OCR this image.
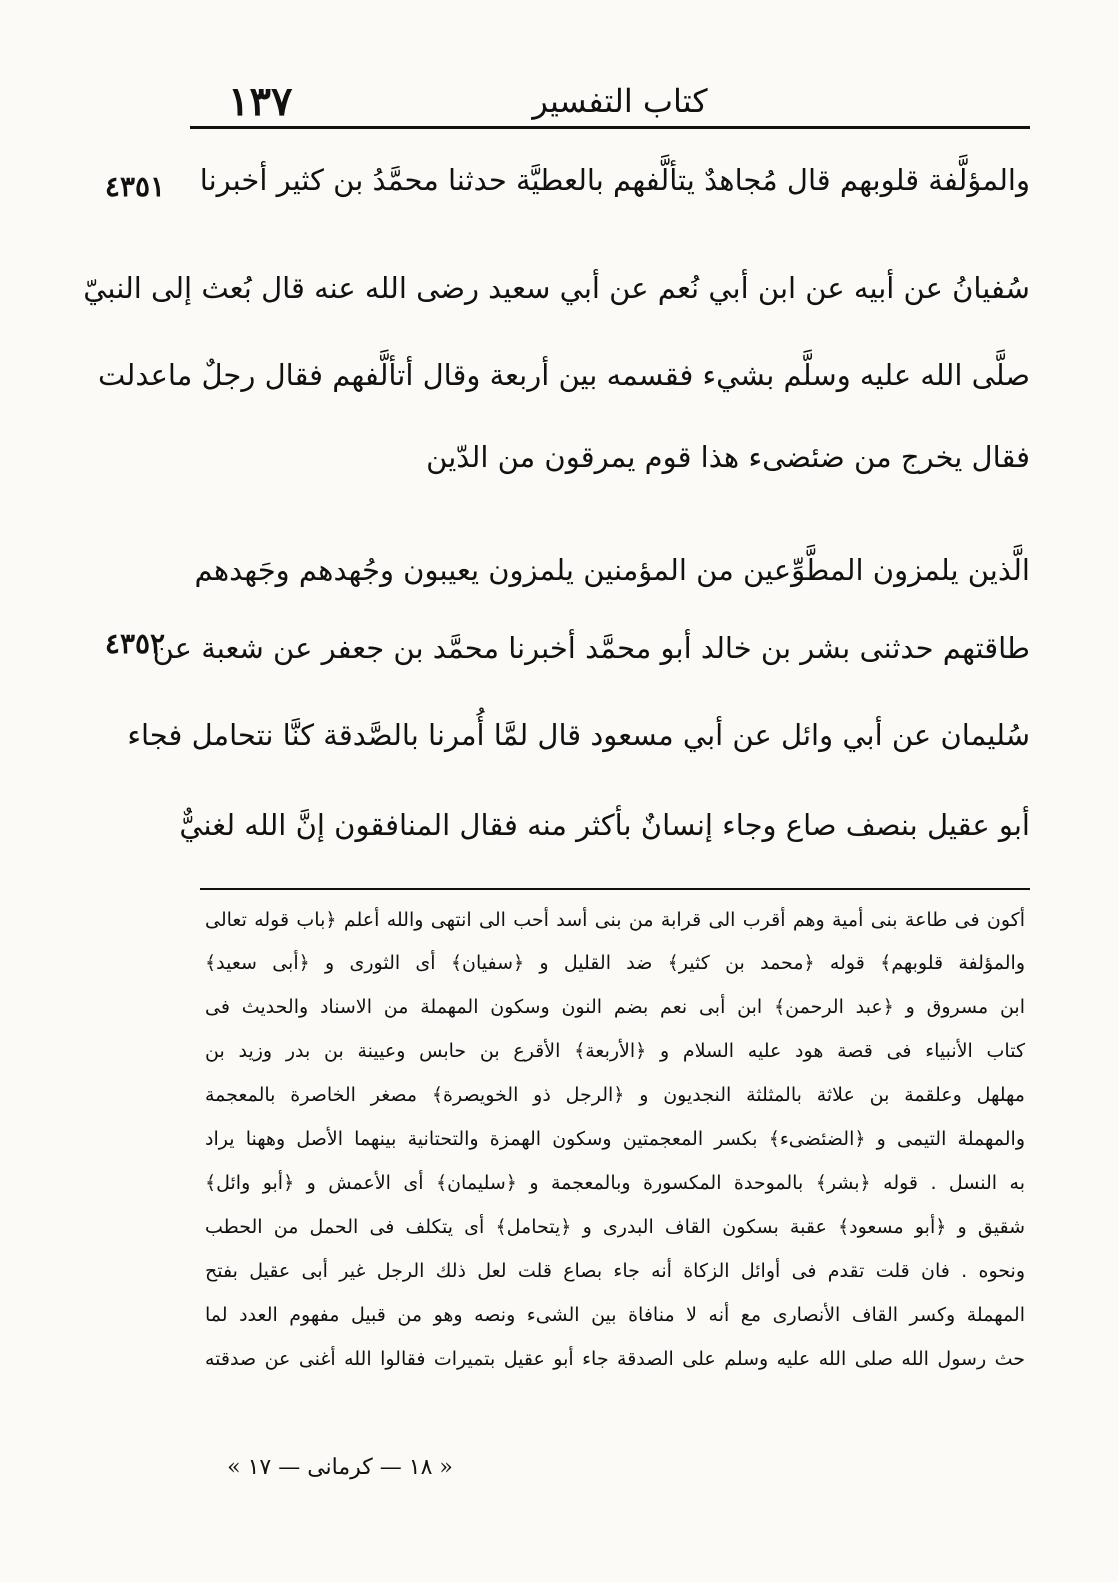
١٣٧	كتاب التفسير
٤٣٥١
٤٣٥٢
والمؤلَّفة قلوبهم قال مُجاهدٌ يتألَّفهم بالعطيَّة حدثنا محمَّدُ بن كثير أخبرنا
سُفيانُ عن أبيه عن ابن أبي نُعم عن أبي سعيد رضى الله عنه قال بُعث إلى النبيّ
صلَّى الله عليه وسلَّم بشيء فقسمه بين أربعة وقال أتألَّفهم فقال رجلٌ ماعدلت
فقال يخرج من ضئضىء هذا قوم يمرقون من الدّين
الَّذين يلمزون المطَّوِّعين من المؤمنين يلمزون يعيبون وجُهدهم وجَهدهم
طاقتهم حدثنى بشر بن خالد أبو محمَّد أخبرنا محمَّد بن جعفر عن شعبة عن
سُليمان عن أبي وائل عن أبي مسعود قال لمَّا أُمرنا بالصَّدقة كنَّا نتحامل فجاء
أبو عقيل بنصف صاع وجاء إنسانٌ بأكثر منه فقال المنافقون إنَّ الله لغنيٌّ
أكون فى طاعة بنى أمية وهم أقرب الى قرابة من بنى أسد أحب الى انتهى والله أعلم ﴿باب قوله تعالى
والمؤلفة قلوبهم﴾ قوله ﴿محمد بن كثير﴾ ضد القليل و ﴿سفيان﴾ أى الثورى و ﴿أبى سعيد﴾
ابن مسروق و ﴿عبد الرحمن﴾ ابن أبى نعم بضم النون وسكون المهملة من الاسناد والحديث فى
كتاب الأنبياء فى قصة هود عليه السلام و ﴿الأربعة﴾ الأقرع بن حابس وعيينة بن بدر وزيد بن
مهلهل وعلقمة بن علاثة بالمثلثة النجديون و ﴿الرجل ذو الخويصرة﴾ مصغر الخاصرة بالمعجمة
والمهملة التيمى و ﴿الضئضىء﴾ بكسر المعجمتين وسكون الهمزة والتحتانية بينهما الأصل وههنا يراد
به النسل . قوله ﴿بشر﴾ بالموحدة المكسورة وبالمعجمة و ﴿سليمان﴾ أى الأعمش و ﴿أبو وائل﴾
شقيق و ﴿أبو مسعود﴾ عقبة بسكون القاف البدرى و ﴿يتحامل﴾ أى يتكلف فى الحمل من الحطب
ونحوه . فان قلت تقدم فى أوائل الزكاة أنه جاء بصاع قلت لعل ذلك الرجل غير أبى عقيل بفتح
المهملة وكسر القاف الأنصارى مع أنه لا منافاة بين الشىء ونصه وهو من قبيل مفهوم العدد لما
حث رسول الله صلى الله عليه وسلم على الصدقة جاء أبو عقيل بتميرات فقالوا الله أغنى عن صدقته
« ١٨ — كرمانى — ١٧ »
